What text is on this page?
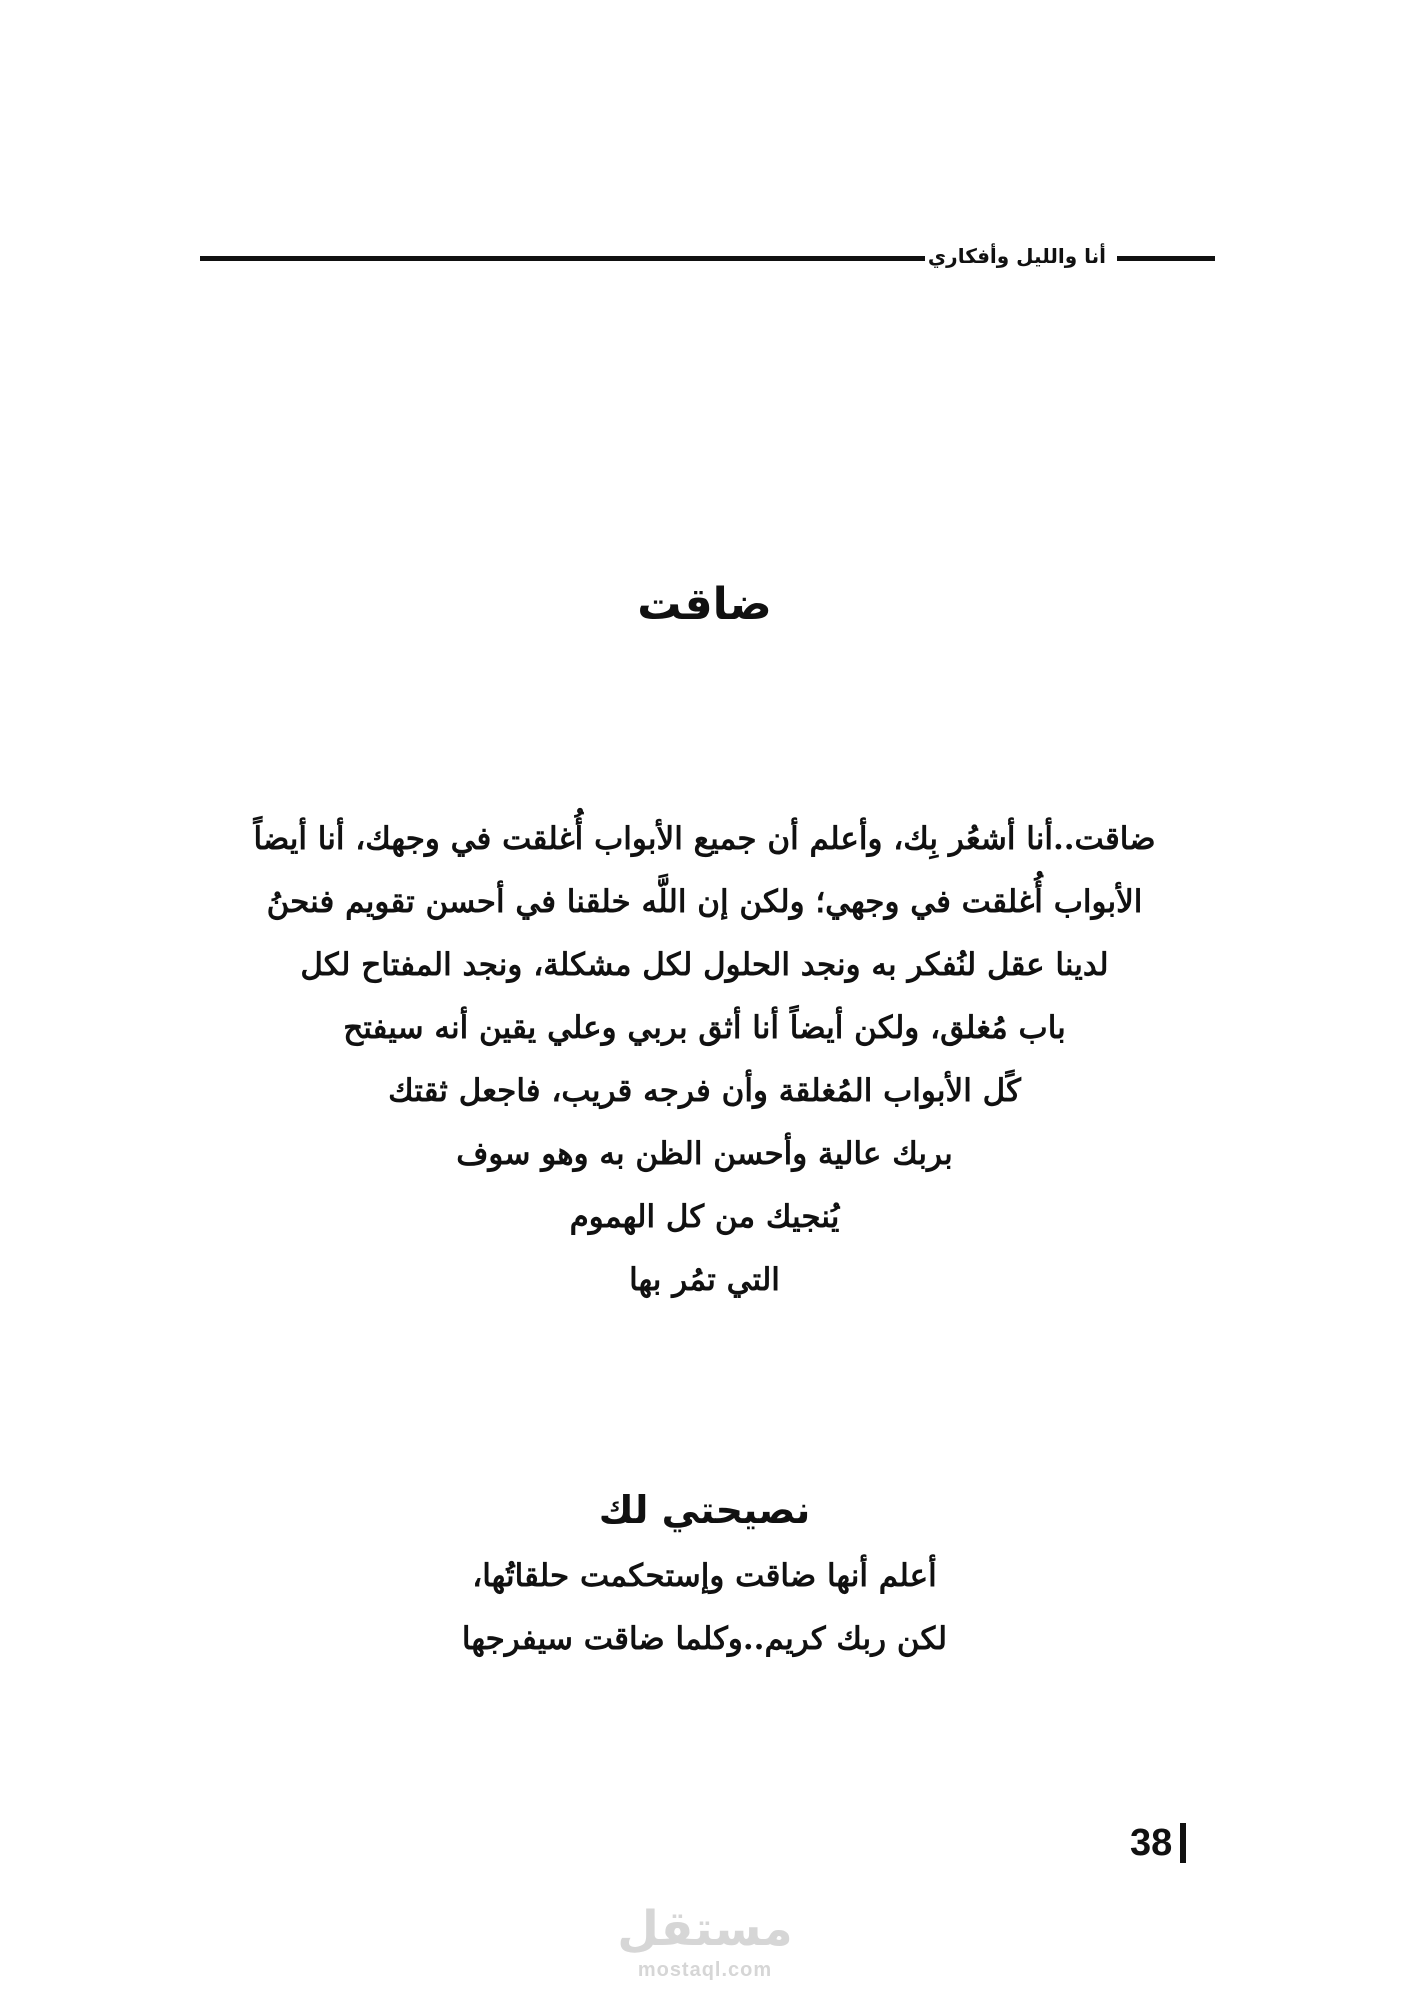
أنا والليل وأفكاري
ضاقت
ضاقت..أنا أشعُر بِك، وأعلم أن جميع الأبواب أُغلقت في وجهك، أنا أيضاً
الأبواب أُغلقت في وجهي؛ ولكن إن اللَّه خلقنا في أحسن تقويم فنحنُ
لدينا عقل لنُفكر به ونجد الحلول لكل مشكلة، ونجد المفتاح لكل
باب مُغلق، ولكن أيضاً أنا أثق بربي وعلي يقين أنه سيفتح
كًل الأبواب المُغلقة وأن فرجه قريب، فاجعل ثقتك
بربك عالية وأحسن الظن به وهو سوف
يُنجيك من كل الهموم
التي تمُر بها
نصيحتي لك
أعلم أنها ضاقت وإستحكمت حلقاتُها،
لكن ربك كريم..وكلما ضاقت سيفرجها
38
مستقل
mostaql.com
